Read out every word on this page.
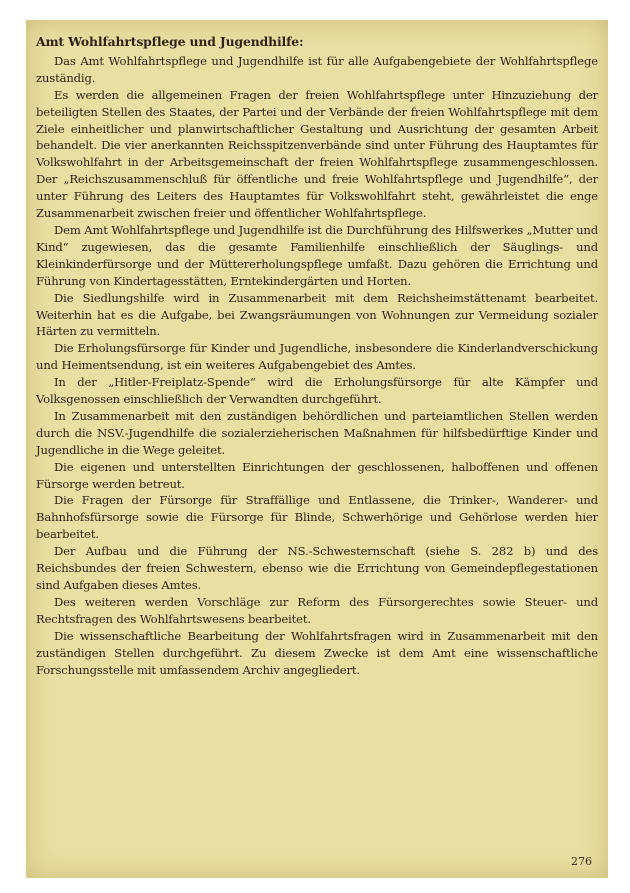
Amt Wohlfahrtspflege und Jugendhilfe:

Das Amt Wohlfahrtspflege und Jugendhilfe ist für alle Aufgabengebiete der Wohlfahrtspflege zuständig.

Es werden die allgemeinen Fragen der freien Wohlfahrtspflege unter Hinzuziehung der beteiligten Stellen des Staates, der Partei und der Verbände der freien Wohlfahrtspflege mit dem Ziele einheitlicher und planwirtschaftlicher Gestaltung und Ausrichtung der gesamten Arbeit behandelt. Die vier anerkannten Reichsspitzenverbände sind unter Führung des Hauptamtes für Volkswohlfahrt in der Arbeitsgemeinschaft der freien Wohlfahrtspflege zusammengeschlossen. Der „Reichszusammenschluß für öffentliche und freie Wohlfahrtspflege und Jugendhilfe“, der unter Führung des Leiters des Hauptamtes für Volkswohlfahrt steht, gewährleistet die enge Zusammenarbeit zwischen freier und öffentlicher Wohlfahrtspflege.

Dem Amt Wohlfahrtspflege und Jugendhilfe ist die Durchführung des Hilfswerkes „Mutter und Kind“ zugewiesen, das die gesamte Familienhilfe einschließlich der Säuglings- und Kleinkinderfürsorge und der Müttererholungspflege umfaßt. Dazu gehören die Errichtung und Führung von Kindertagesstätten, Erntekindergärten und Horten.

Die Siedlungshilfe wird in Zusammenarbeit mit dem Reichsheimstättenamt bearbeitet. Weiterhin hat es die Aufgabe, bei Zwangsräumungen von Wohnungen zur Vermeidung sozialer Härten zu vermitteln.

Die Erholungsfürsorge für Kinder und Jugendliche, insbesondere die Kinderlandverschickung und Heimentsendung, ist ein weiteres Aufgabengebiet des Amtes.

In der „Hitler-Freiplatz-Spende“ wird die Erholungsfürsorge für alte Kämpfer und Volksgenossen einschließlich der Verwandten durchgeführt.

In Zusammenarbeit mit den zuständigen behördlichen und parteiamtlichen Stellen werden durch die NSV.-Jugendhilfe die sozialerzieherischen Maßnahmen für hilfsbedürftige Kinder und Jugendliche in die Wege geleitet.

Die eigenen und unterstellten Einrichtungen der geschlossenen, halboffenen und offenen Fürsorge werden betreut.

Die Fragen der Fürsorge für Straffällige und Entlassene, die Trinker-, Wanderer- und Bahnhofsfürsorge sowie die Fürsorge für Blinde, Schwerhörige und Gehörlose werden hier bearbeitet.

Der Aufbau und die Führung der NS.-Schwesternschaft (siehe S. 282 b) und des Reichsbundes der freien Schwestern, ebenso wie die Errichtung von Gemeindepflegestationen sind Aufgaben dieses Amtes.

Des weiteren werden Vorschläge zur Reform des Fürsorgerechtes sowie Steuer- und Rechtsfragen des Wohlfahrtswesens bearbeitet.

Die wissenschaftliche Bearbeitung der Wohlfahrtsfragen wird in Zusammenarbeit mit den zuständigen Stellen durchgeführt. Zu diesem Zwecke ist dem Amt eine wissenschaftliche Forschungsstelle mit umfassendem Archiv angegliedert.

276
